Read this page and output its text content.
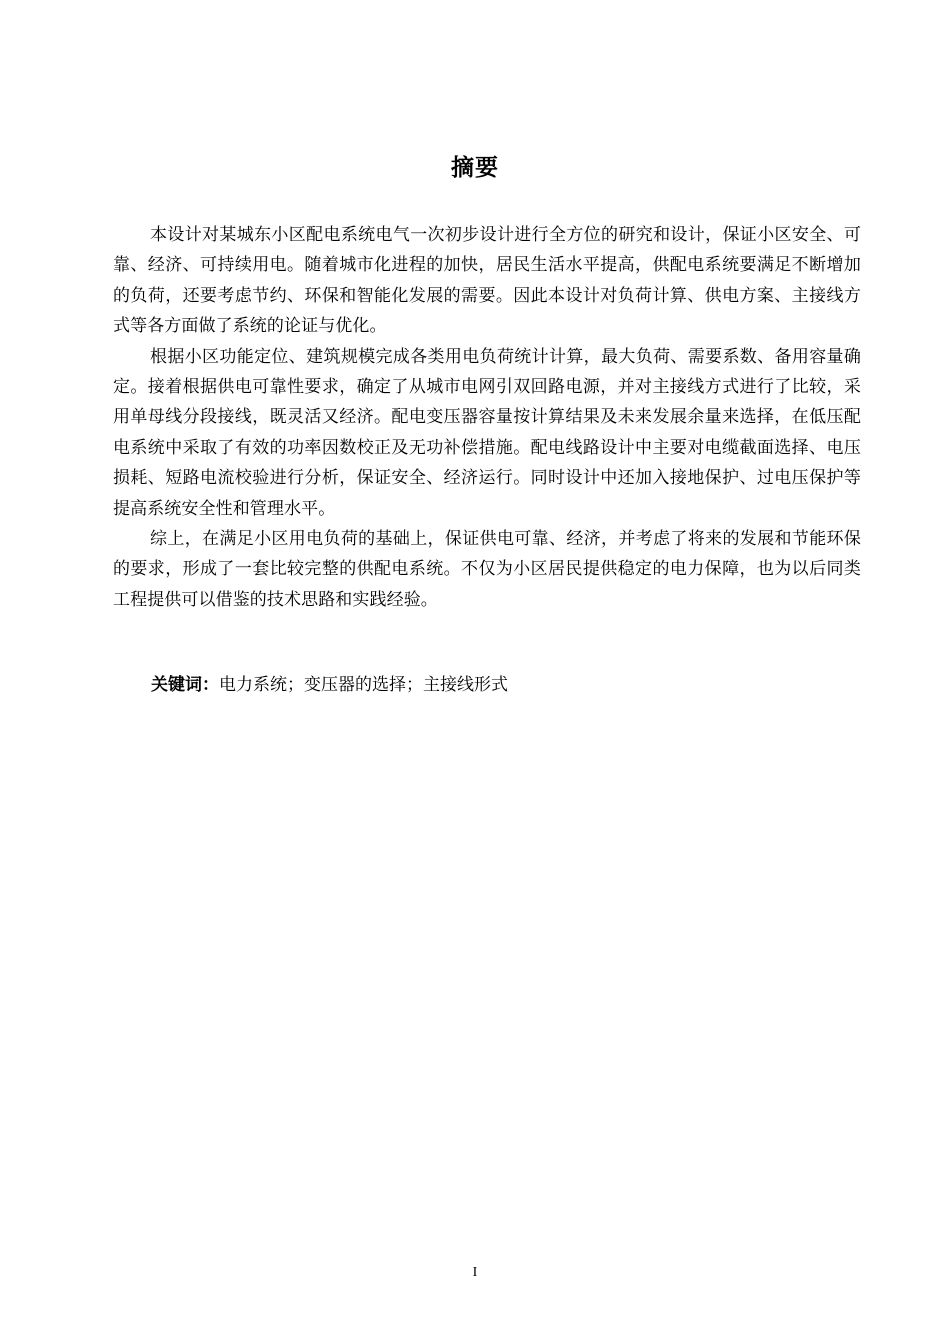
摘要

本设计对某城东小区配电系统电气一次初步设计进行全方位的研究和设计，保证小区安全、可靠、经济、可持续用电。随着城市化进程的加快，居民生活水平提高，供配电系统要满足不断增加的负荷，还要考虑节约、环保和智能化发展的需要。因此本设计对负荷计算、供电方案、主接线方式等各方面做了系统的论证与优化。

根据小区功能定位、建筑规模完成各类用电负荷统计计算，最大负荷、需要系数、备用容量确定。接着根据供电可靠性要求，确定了从城市电网引双回路电源，并对主接线方式进行了比较，采用单母线分段接线，既灵活又经济。配电变压器容量按计算结果及未来发展余量来选择，在低压配电系统中采取了有效的功率因数校正及无功补偿措施。配电线路设计中主要对电缆截面选择、电压损耗、短路电流校验进行分析，保证安全、经济运行。同时设计中还加入接地保护、过电压保护等提高系统安全性和管理水平。

综上，在满足小区用电负荷的基础上，保证供电可靠、经济，并考虑了将来的发展和节能环保的要求，形成了一套比较完整的供配电系统。不仅为小区居民提供稳定的电力保障，也为以后同类工程提供可以借鉴的技术思路和实践经验。

关键词：电力系统；变压器的选择；主接线形式
I
